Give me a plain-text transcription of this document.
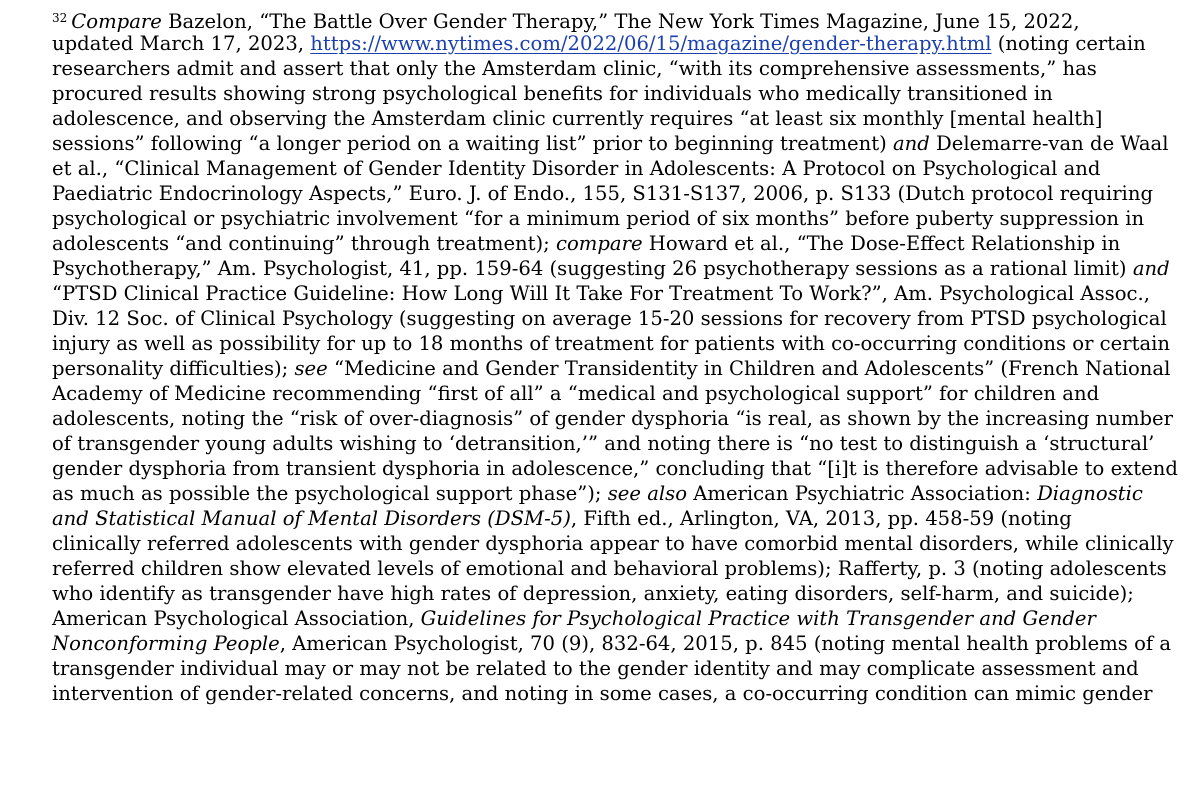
$^{32}$ Compare Bazelon, “The Battle Over Gender Therapy,” The New York Times Magazine, June 15, 2022,
updated March 17, 2023, https://www.nytimes.com/2022/06/15/magazine/gender-therapy.html (noting certain
researchers admit and assert that only the Amsterdam clinic, “with its comprehensive assessments,” has
procured results showing strong psychological benefits for individuals who medically transitioned in
adolescence, and observing the Amsterdam clinic currently requires “at least six monthly [mental health]
sessions” following “a longer period on a waiting list” prior to beginning treatment) and Delemarre-van de Waal
et al., “Clinical Management of Gender Identity Disorder in Adolescents: A Protocol on Psychological and
Paediatric Endocrinology Aspects,” Euro. J. of Endo., 155, S131-S137, 2006, p. S133 (Dutch protocol requiring
psychological or psychiatric involvement “for a minimum period of six months” before puberty suppression in
adolescents “and continuing” through treatment); compare Howard et al., “The Dose-Effect Relationship in
Psychotherapy,” Am. Psychologist, 41, pp. 159-64 (suggesting 26 psychotherapy sessions as a rational limit) and
“PTSD Clinical Practice Guideline: How Long Will It Take For Treatment To Work?”, Am. Psychological Assoc.,
Div. 12 Soc. of Clinical Psychology (suggesting on average 15-20 sessions for recovery from PTSD psychological
injury as well as possibility for up to 18 months of treatment for patients with co-occurring conditions or certain
personality difficulties); see “Medicine and Gender Transidentity in Children and Adolescents” (French National
Academy of Medicine recommending “first of all” a “medical and psychological support” for children and
adolescents, noting the “risk of over-diagnosis” of gender dysphoria “is real, as shown by the increasing number
of transgender young adults wishing to ‘detransition,’” and noting there is “no test to distinguish a ‘structural’
gender dysphoria from transient dysphoria in adolescence,” concluding that “[i]t is therefore advisable to extend
as much as possible the psychological support phase”); see also American Psychiatric Association: Diagnostic
and Statistical Manual of Mental Disorders (DSM-5), Fifth ed., Arlington, VA, 2013, pp. 458-59 (noting
clinically referred adolescents with gender dysphoria appear to have comorbid mental disorders, while clinically
referred children show elevated levels of emotional and behavioral problems); Rafferty, p. 3 (noting adolescents
who identify as transgender have high rates of depression, anxiety, eating disorders, self-harm, and suicide);
American Psychological Association, Guidelines for Psychological Practice with Transgender and Gender
Nonconforming People, American Psychologist, 70 (9), 832-64, 2015, p. 845 (noting mental health problems of a
transgender individual may or may not be related to the gender identity and may complicate assessment and
intervention of gender-related concerns, and noting in some cases, a co-occurring condition can mimic gender
